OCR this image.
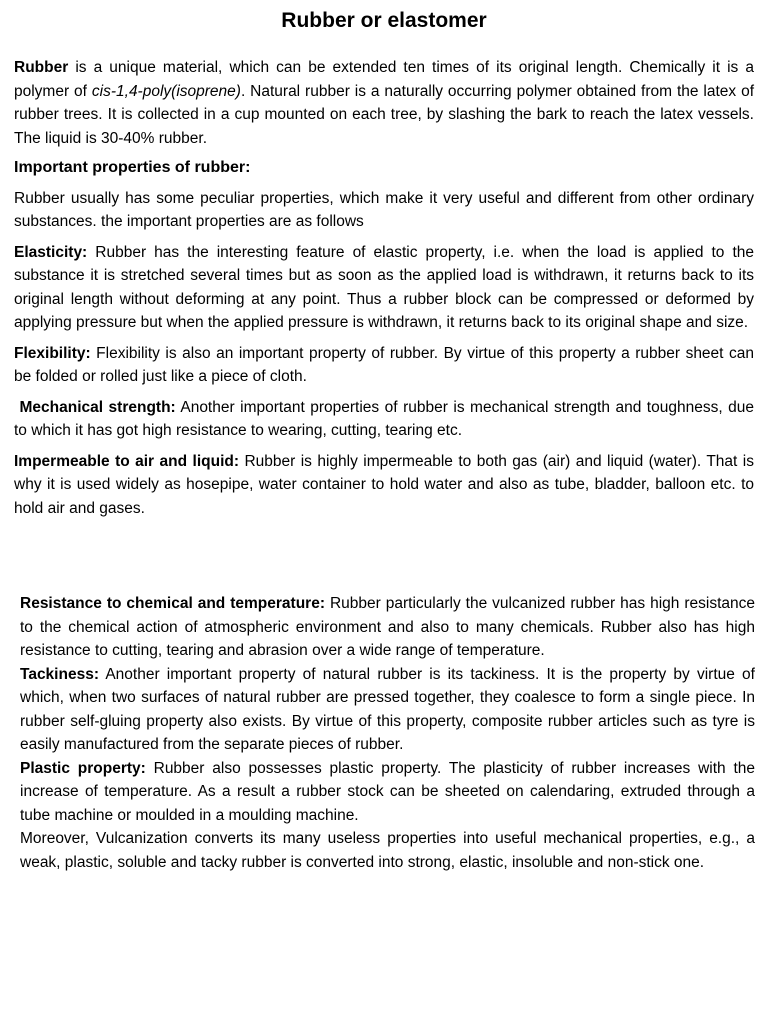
Rubber or elastomer

Rubber is a unique material, which can be extended ten times of its original length. Chemically it is a polymer of cis-1,4-poly(isoprene). Natural rubber is a naturally occurring polymer obtained from the latex of rubber trees. It is collected in a cup mounted on each tree, by slashing the bark to reach the latex vessels. The liquid is 30-40% rubber.

Important properties of rubber:

Rubber usually has some peculiar properties, which make it very useful and different from other ordinary substances. the important properties are as follows

Elasticity: Rubber has the interesting feature of elastic property, i.e. when the load is applied to the substance it is stretched several times but as soon as the applied load is withdrawn, it returns back to its original length without deforming at any point. Thus a rubber block can be compressed or deformed by applying pressure but when the applied pressure is withdrawn, it returns back to its original shape and size.

Flexibility: Flexibility is also an important property of rubber. By virtue of this property a rubber sheet can be folded or rolled just like a piece of cloth.

Mechanical strength: Another important properties of rubber is mechanical strength and toughness, due to which it has got high resistance to wearing, cutting, tearing etc.

Impermeable to air and liquid: Rubber is highly impermeable to both gas (air) and liquid (water). That is why it is used widely as hosepipe, water container to hold water and also as tube, bladder, balloon etc. to hold air and gases.

Resistance to chemical and temperature: Rubber particularly the vulcanized rubber has high resistance to the chemical action of atmospheric environment and also to many chemicals. Rubber also has high resistance to cutting, tearing and abrasion over a wide range of temperature.

Tackiness: Another important property of natural rubber is its tackiness. It is the property by virtue of which, when two surfaces of natural rubber are pressed together, they coalesce to form a single piece. In rubber self-gluing property also exists. By virtue of this property, composite rubber articles such as tyre is easily manufactured from the separate pieces of rubber.

Plastic property: Rubber also possesses plastic property. The plasticity of rubber increases with the increase of temperature. As a result a rubber stock can be sheeted on calendaring, extruded through a tube machine or moulded in a moulding machine.

Moreover, Vulcanization converts its many useless properties into useful mechanical properties, e.g., a weak, plastic, soluble and tacky rubber is converted into strong, elastic, insoluble and non-stick one.
